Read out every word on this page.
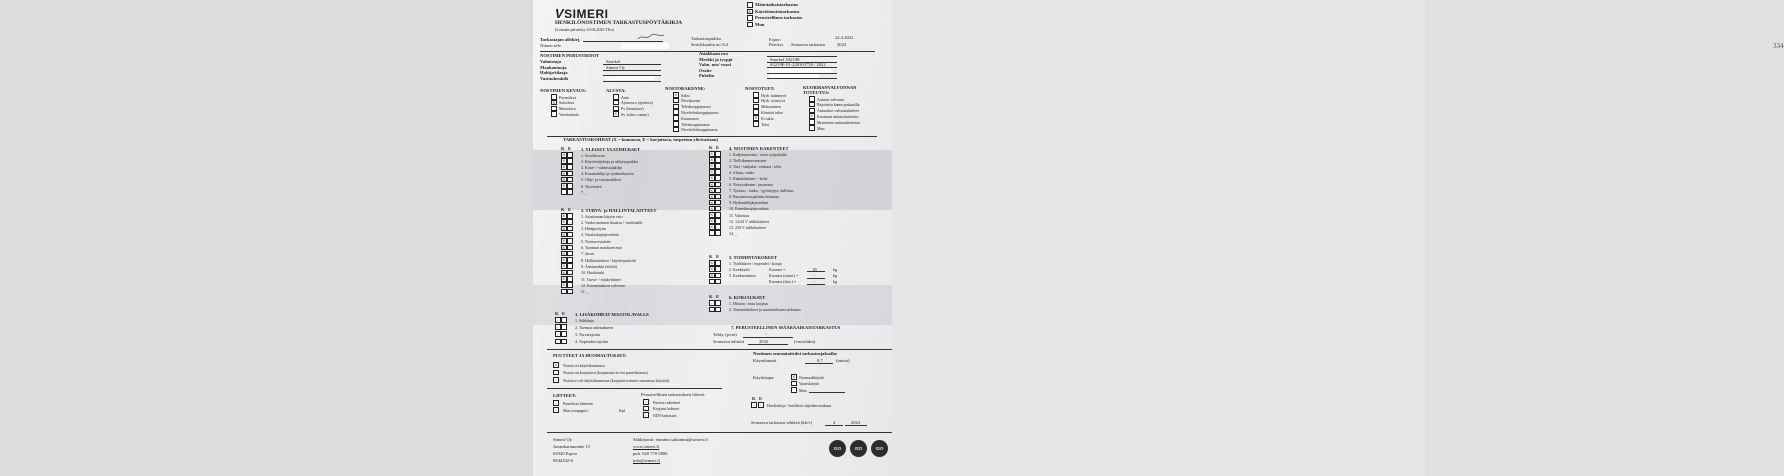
334
VSIMERI
HENKILÖNOSTIMEN TARKASTUSPÖYTÄKIRJA
(Lomake päivitetty 23.06.2020 TKo)
Tarkastajan allekirj.
Nimen selv.
Tarkastuspaikka
Sertifikaattin no.%3
Espoo
Päiväys
22.4.2022
Seuraava tarkastus	2023
NOSTIMEN PERUSTIEDOT
TARKASTUSKOHDAT (X = kunnossa, E = korjattava, tarpeeton ylivivattaan)
7. PERUSTEELLINEN MÄÄRÄAIKAISTARKASTUS
Tehty, (pvm)	-
Seuraava tehtävä	2032	(vuosiluku)
PUUTTEET JA HUOMAUTUKSET:	Nostimen seurantatiedot tarkastusjaksolla:
Käyntitunnit	0,7	(tuntia)
Käyttötapa:
LIITTEET:	Perusteellinen tarkastuksen liitteet:
K E
-	-	Huoltokirja / huollettu ohjeiden mukaan
Seuraava tarkastus tehtävä (kk/v)	4	2023
Simeri Oy
Juvankartanontie 15
02920 Espoo
0944332-6
Sähköposti: etunimi.sukunimi@simeri.fi
www.simeri.fi
puh. 020 770 5800
info@simeri.fi
ISO	ISO	ISO
Määräaikaistarkastus
X Käyttöönottotarkastus
Perusteellinen tarkastus
Muu
Valmistaja	Snorkel
Maahantuoja	Simeri Oy
Haltija/tilaaja
Vastuuhenkilö
Asiakkaan nro
Merkki ja tyyppi	Snorkel S3219E
Valm. nro/ vuosi	S3219E-01-220303758 / 2022
Osoite
Puhelin
NOSTIMEN KEVAUS:
Puomilava
X Saksilava
Mastolava
Vetokaukalo
ALUSTA:
Auto
Ajoneuvo (ajettava)
Pv (hinattava)
X Sv. (siirto vaunu)
NOSTORAKENNE:
X Saksi
Nivelpuomi
Teleskooppipuomi
Nivelteleskooppipuomi
Kuurmasto
Teleskooppimasto
Nivelteleskooppimasto
NOSTOTUET:
Hydr. käännyvä
Hydr. työntyvä
Mekaaninen
Kiinteät tuket
X Ei tukia
Telat
KUORMANVALVONNAN TOTEUTUS:
Anturat valvonta
Rajoitettu kanta puskurilla
Anturakot valvontalaitteet
X Kuorman mittauslaitteisto
Momentin mittauslaitteisto
Muu
K E 1. YLEISET VAATIMUKSET
X	1. Sovellusvuo
X	2. Käyttöohjekirja ja säilytyspaikka
X	3. Kone- / valmistajakilpi
X	4. Kuormakilpi ja työalueikaavio
X	5. Ohje- ja varoituskilvet
X	6. Turvavärit
7. _
K E 2. TURVA- ja HALLINTALAITTEET
X	1. Asiattoman käytön esto
X	2. Vaaka-asennon ilmaisu / -mohinalle
X	3. Hätäpysäytin
X	4. Varaluskujärjestelmä
X	5. Noston estolaite
X	6. Tuennan avauksen esto
X	7. Jarrut
X	8. Hallintalaitteet / käyttösymbolit
X	9. Äänimerkki (tööttö)
X	10. Huoltotuki
X	11. Turva- / rajakytkimet
X	12. Kuormituksen valvonta
11. _
K E 3. LISÄKOHDAT MASTOLAVALLE
-	1. Sähkänja
-	2. Tuennat rakenukseen
-	3. Turvarajoitin
-	4. Nopeuden rajoitin
K E 4. NOSTIMEN RAKENTEET
X	1. Kuljetusasento / siirto työpaikalla
X	2. Tielliikennevarusteet
X	3. Tuet / takijalat / renkaat / telat
X	4. Alusta, runko
X	5. Kääntölaitteet / -kehä
X	6. Nostorakenne / puomisto
X	7. Työtaso, -tanko, / györäypys, kallistus
X	8. Putoamissuojainten kiinnitys
X	9. Hydrauliikjärjestelmä
X	10. Paineilmajärjestelmä
X	11. Valaistus
X	12. 12/24 V sähkölaitteet
X	13. 230 V sähkölaitteet
14. _
K E 5. TOIMINTAKOKEET
X	1. Työliikkeet / nopeudet / kotajo
X	2. Koekäyttö	Kuorma =	85	kg
X	3. Koekuormitus	Kuorma (staatt.) =	-	kg
Kuorma (dyn.) =	-	kg
K E 6. KORJAUKSET
-	1. Hitsaus / muu korjaus
-	2. Toimintakokeet ja suunnitelmien tarkastus
X	Nostin on käyttökunnossa
-	Nostin on korjattava (korjaussiä-arviot puutelistassa).
-	Nostin ei ole käyttökunnossa (korjattava ennen seuraavaa käyttöä).
X Normaalikäyttö
Vaativkäyttö
Muu
-	Puutelista liitteenä
-	Muu asiapaperi	Kpl
-	Puretut rakenteet
-	Korjatut kohteet
-	NDT-tarkastus
